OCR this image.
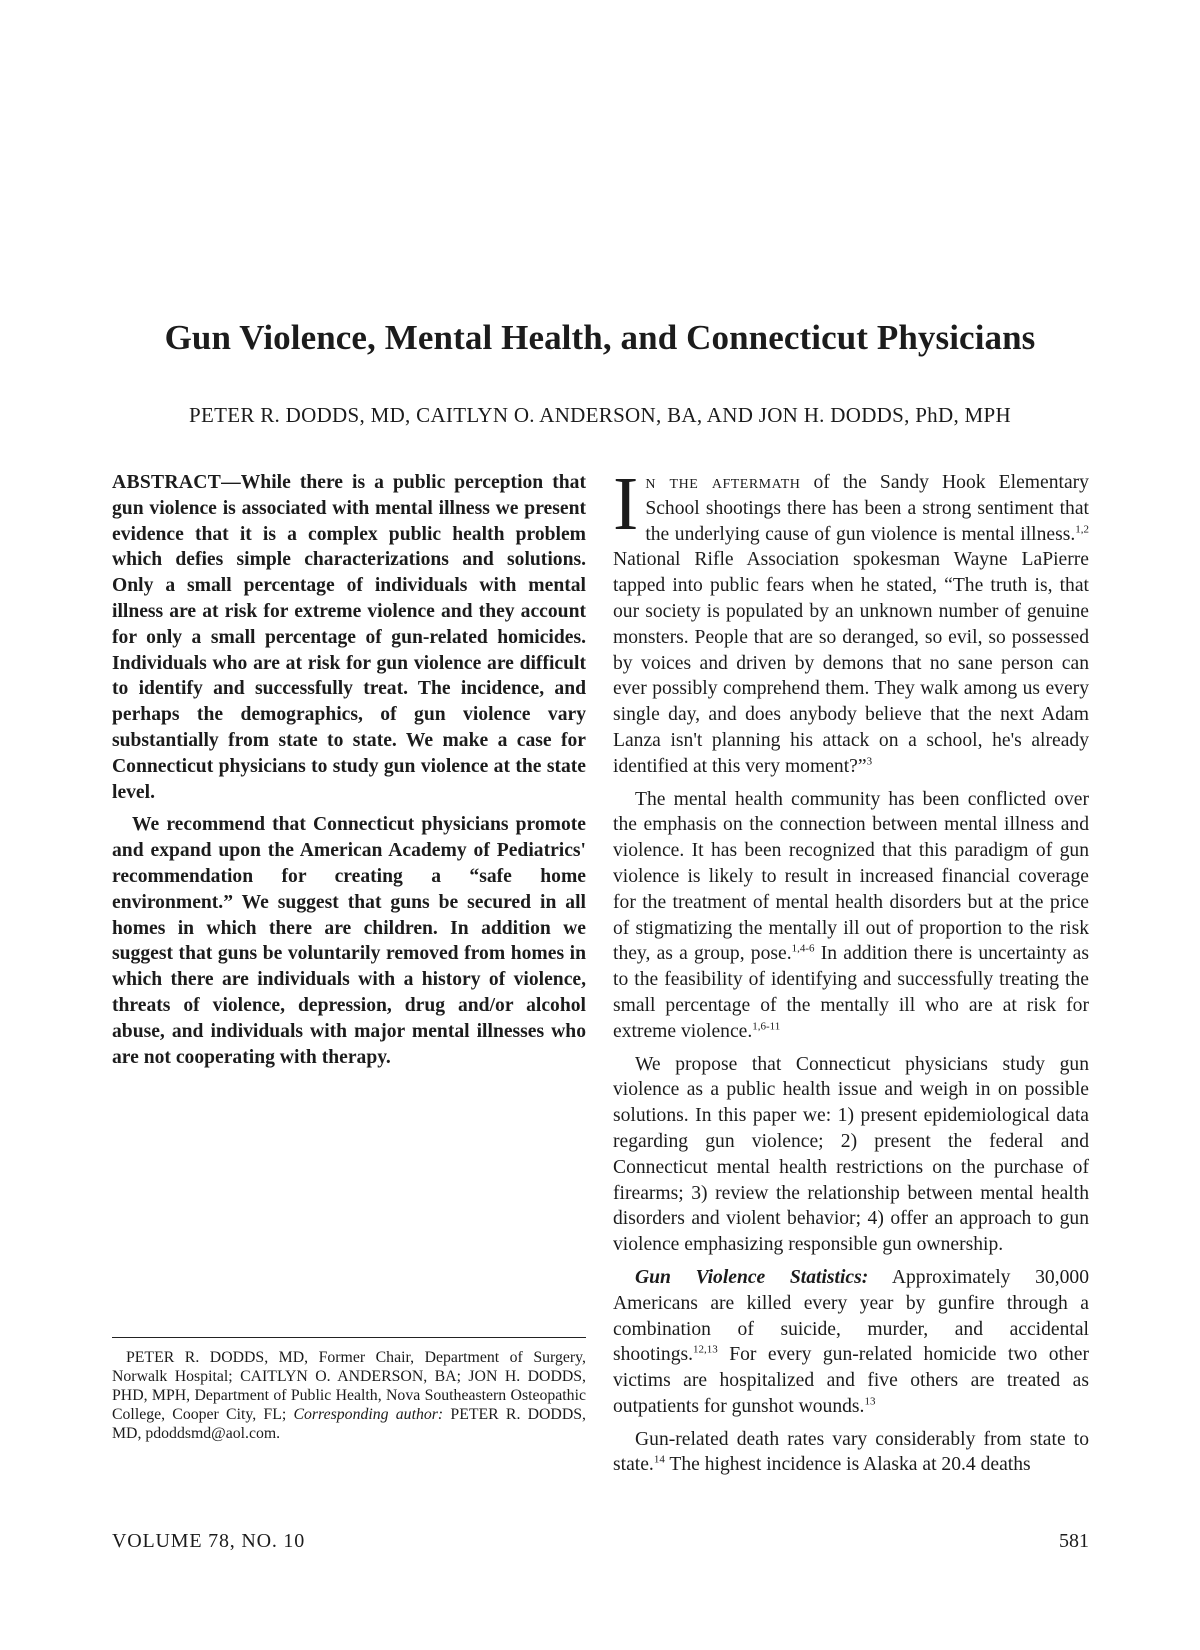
Gun Violence, Mental Health, and Connecticut Physicians
PETER R. DODDS, MD, CAITLYN O. ANDERSON, BA, AND JON H. DODDS, PhD, MPH

ABSTRACT—While there is a public perception that gun violence is associated with mental illness we present evidence that it is a complex public health problem which defies simple characterizations and solutions. Only a small percentage of individuals with mental illness are at risk for extreme violence and they account for only a small percentage of gun-related homicides. Individuals who are at risk for gun violence are difficult to identify and successfully treat. The incidence, and perhaps the demographics, of gun violence vary substantially from state to state. We make a case for Connecticut physicians to study gun violence at the state level.

We recommend that Connecticut physicians promote and expand upon the American Academy of Pediatrics' recommendation for creating a “safe home environment.” We suggest that guns be secured in all homes in which there are children. In addition we suggest that guns be voluntarily removed from homes in which there are individuals with a history of violence, threats of violence, depression, drug and/or alcohol abuse, and individuals with major mental illnesses who are not cooperating with therapy.

PETER R. DODDS, MD, Former Chair, Department of Surgery, Norwalk Hospital; CAITLYN O. ANDERSON, BA; JON H. DODDS, PHD, MPH, Department of Public Health, Nova Southeastern Osteopathic College, Cooper City, FL; Corresponding author: PETER R. DODDS, MD, pdoddsmd@aol.com.

In the aftermath of the Sandy Hook Elementary School shootings there has been a strong sentiment that the underlying cause of gun violence is mental illness.$^{1,2}$ National Rifle Association spokesman Wayne LaPierre tapped into public fears when he stated, “The truth is, that our society is populated by an unknown number of genuine monsters. People that are so deranged, so evil, so possessed by voices and driven by demons that no sane person can ever possibly comprehend them. They walk among us every single day, and does anybody believe that the next Adam Lanza isn't planning his attack on a school, he's already identified at this very moment?”$^3$

The mental health community has been conflicted over the emphasis on the connection between mental illness and violence. It has been recognized that this paradigm of gun violence is likely to result in increased financial coverage for the treatment of mental health disorders but at the price of stigmatizing the mentally ill out of proportion to the risk they, as a group, pose.$^{1,4-6}$ In addition there is uncertainty as to the feasibility of identifying and successfully treating the small percentage of the mentally ill who are at risk for extreme violence.$^{1,6-11}$

We propose that Connecticut physicians study gun violence as a public health issue and weigh in on possible solutions. In this paper we: 1) present epidemiological data regarding gun violence; 2) present the federal and Connecticut mental health restrictions on the purchase of firearms; 3) review the relationship between mental health disorders and violent behavior; 4) offer an approach to gun violence emphasizing responsible gun ownership.

Gun Violence Statistics: Approximately 30,000 Americans are killed every year by gunfire through a combination of suicide, murder, and accidental shootings.$^{12,13}$ For every gun-related homicide two other victims are hospitalized and five others are treated as outpatients for gunshot wounds.$^{13}$

Gun-related death rates vary considerably from state to state.$^{14}$ The highest incidence is Alaska at 20.4 deaths

VOLUME 78, NO. 10	581
